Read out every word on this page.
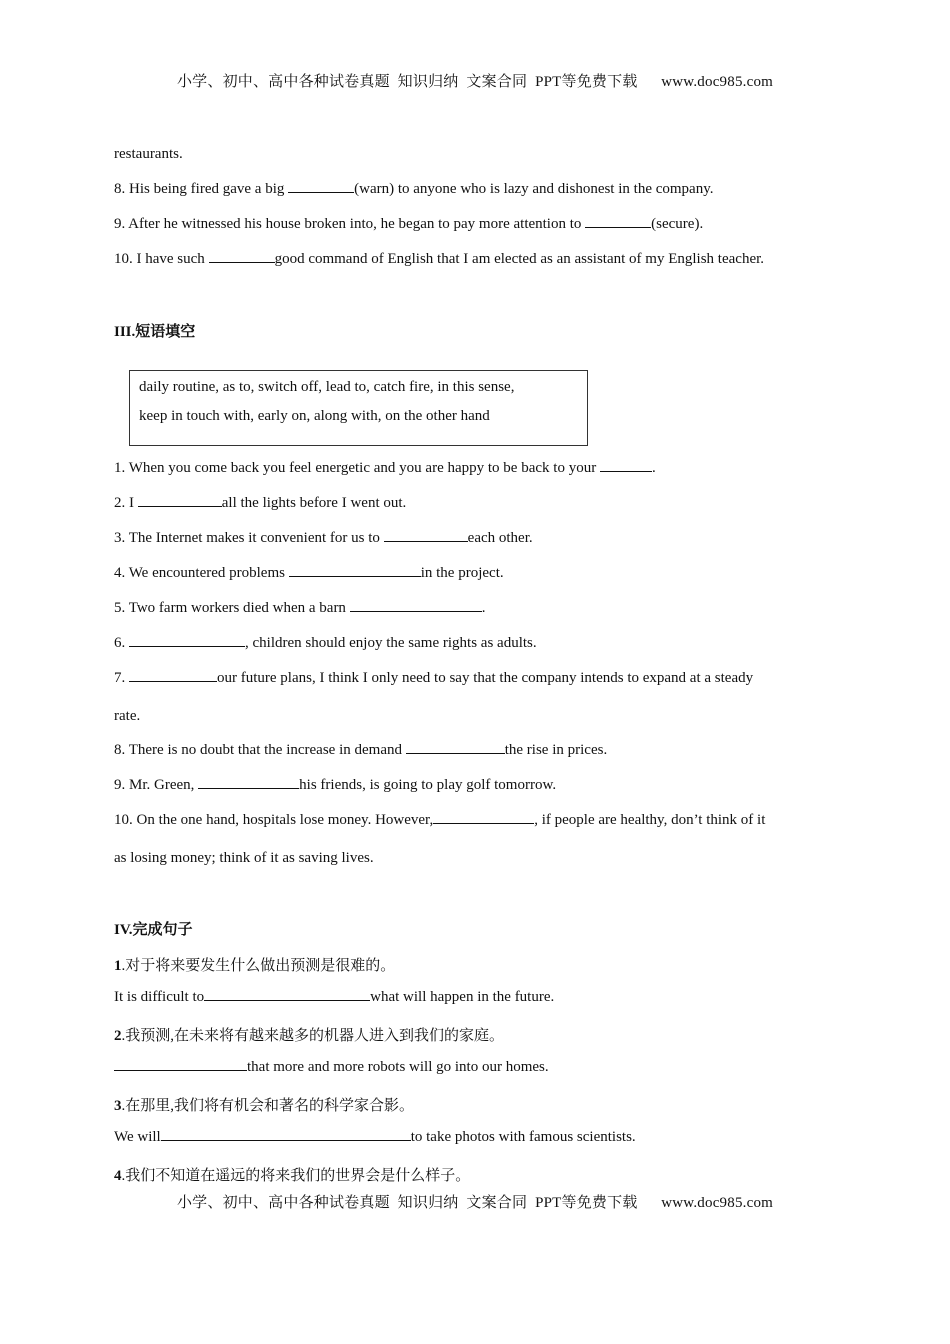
小学、初中、高中各种试卷真题  知识归纳  文案合同  PPT等免费下载      www.doc985.com
restaurants.
8. His being fired gave a big	(warn) to anyone who is lazy and dishonest in the company.
9. After he witnessed his house broken into, he began to pay more attention to	(secure).
10. I have such	good command of English that I am elected as an assistant of my English teacher.
III.短语填空
daily routine, as to, switch off, lead to, catch fire, in this sense,
keep in touch with, early on, along with, on the other hand
1. When you come back you feel energetic and you are happy to be back to your	.
2. I	all the lights before I went out.
3. The Internet makes it convenient for us to	each other.
4. We encountered problems	in the project.
5. Two farm workers died when a barn	.
6.	, children should enjoy the same rights as adults.
7.	our future plans, I think I only need to say that the company intends to expand at a steady
rate.
8. There is no doubt that the increase in demand	the rise in prices.
9. Mr. Green,	his friends, is going to play golf tomorrow.
10. On the one hand, hospitals lose money. However,	, if people are healthy, don’t think of it
as losing money; think of it as saving lives.
IV.完成句子
1.对于将来要发生什么做出预测是很难的。
It is difficult to	what will happen in the future.
2.我预测,在未来将有越来越多的机器人进入到我们的家庭。
that more and more robots will go into our homes.
3.在那里,我们将有机会和著名的科学家合影。
We will	to take photos with famous scientists.
4.我们不知道在遥远的将来我们的世界会是什么样子。
小学、初中、高中各种试卷真题  知识归纳  文案合同  PPT等免费下载      www.doc985.com
